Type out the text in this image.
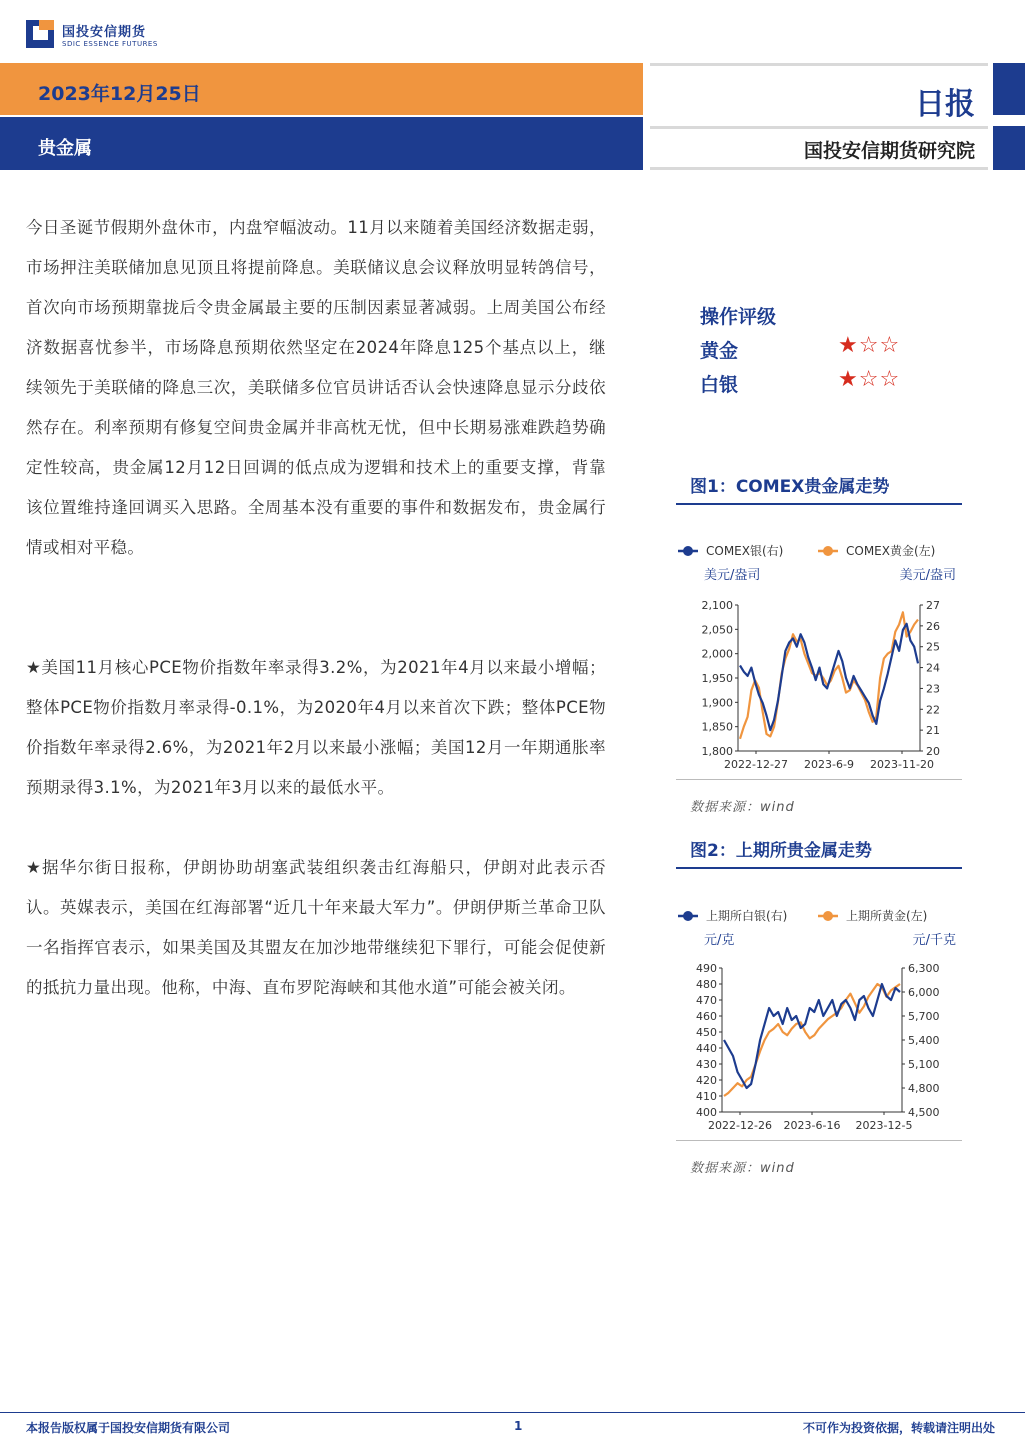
国投安信期货
SDIC ESSENCE FUTURES
2023年12月25日
贵金属
日报
国投安信期货研究院

今日圣诞节假期外盘休市，内盘窄幅波动。11月以来随着美国经济数据走弱，市场押注美联储加息见顶且将提前降息。美联储议息会议释放明显转鸽信号，首次向市场预期靠拢后令贵金属最主要的压制因素显著减弱。上周美国公布经济数据喜忧参半，市场降息预期依然坚定在2024年降息125个基点以上，继续领先于美联储的降息三次，美联储多位官员讲话否认会快速降息显示分歧依然存在。利率预期有修复空间贵金属并非高枕无忧，但中长期易涨难跌趋势确定性较高，贵金属12月12日回调的低点成为逻辑和技术上的重要支撑，背靠该位置维持逢回调买入思路。全周基本没有重要的事件和数据发布，贵金属行情或相对平稳。

★美国11月核心PCE物价指数年率录得3.2%，为2021年4月以来最小增幅；整体PCE物价指数月率录得-0.1%，为2020年4月以来首次下跌；整体PCE物价指数年率录得2.6%，为2021年2月以来最小涨幅；美国12月一年期通胀率预期录得3.1%，为2021年3月以来的最低水平。

★据华尔街日报称，伊朗协助胡塞武装组织袭击红海船只，伊朗对此表示否认。英媒表示，美国在红海部署“近几十年来最大军力”。伊朗伊斯兰革命卫队一名指挥官表示，如果美国及其盟友在加沙地带继续犯下罪行，可能会促使新的抵抗力量出现。他称，中海、直布罗陀海峡和其他水道”可能会被关闭。

操作评级
黄金	★☆☆
白银	★☆☆
图1：COMEX贵金属走势
COMEX银(右)	COMEX黄金(左)
美元/盎司	美元/盎司
2,100
2,050
2,000
1,950
1,900
1,850
1,800
27
26
25
24
23
22
21
20
2022-12-27 2023-6-9 2023-11-20
数据来源：wind
图2：上期所贵金属走势
上期所白银(右)	上期所黄金(左)
元/克	元/千克
490
480
470
460
450
440
430
420
410
400
6,300
6,000
5,700
5,400
5,100
4,800
4,500
2022-12-26 2023-6-16 2023-12-5
数据来源：wind
本报告版权属于国投安信期货有限公司	1	不可作为投资依据，转载请注明出处
